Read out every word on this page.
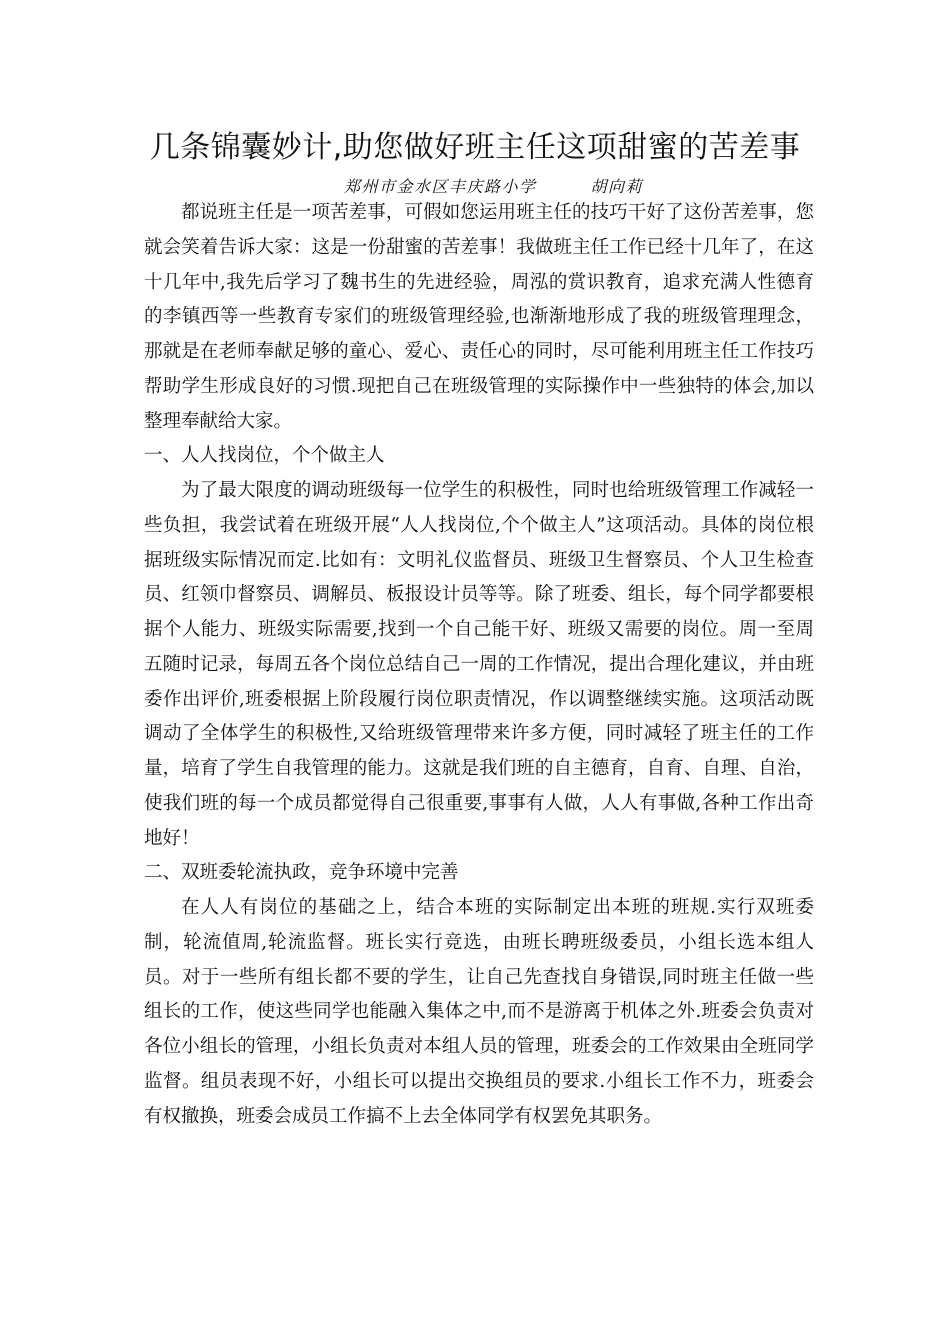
几条锦囊妙计,助您做好班主任这项甜蜜的苦差事
郑州市金水区丰庆路小学	胡向莉

都说班主任是一项苦差事，可假如您运用班主任的技巧干好了这份苦差事，您就会笑着告诉大家：这是一份甜蜜的苦差事！我做班主任工作已经十几年了，在这十几年中,我先后学习了魏书生的先进经验，周泓的赏识教育，追求充满人性德育的李镇西等一些教育专家们的班级管理经验,也渐渐地形成了我的班级管理理念，那就是在老师奉献足够的童心、爱心、责任心的同时，尽可能利用班主任工作技巧帮助学生形成良好的习惯.现把自己在班级管理的实际操作中一些独特的体会,加以整理奉献给大家。

一、人人找岗位，个个做主人

为了最大限度的调动班级每一位学生的积极性，同时也给班级管理工作减轻一些负担，我尝试着在班级开展“人人找岗位,个个做主人”这项活动。具体的岗位根据班级实际情况而定.比如有：文明礼仪监督员、班级卫生督察员、个人卫生检查员、红领巾督察员、调解员、板报设计员等等。除了班委、组长，每个同学都要根据个人能力、班级实际需要,找到一个自己能干好、班级又需要的岗位。周一至周五随时记录，每周五各个岗位总结自己一周的工作情况，提出合理化建议，并由班委作出评价,班委根据上阶段履行岗位职责情况，作以调整继续实施。这项活动既调动了全体学生的积极性,又给班级管理带来许多方便，同时减轻了班主任的工作量，培育了学生自我管理的能力。这就是我们班的自主德育，自育、自理、自治，使我们班的每一个成员都觉得自己很重要,事事有人做，人人有事做,各种工作出奇地好！

二、双班委轮流执政，竞争环境中完善

在人人有岗位的基础之上，结合本班的实际制定出本班的班规.实行双班委制，轮流值周,轮流监督。班长实行竞选，由班长聘班级委员，小组长选本组人员。对于一些所有组长都不要的学生，让自己先查找自身错误,同时班主任做一些组长的工作，使这些同学也能融入集体之中,而不是游离于机体之外.班委会负责对各位小组长的管理，小组长负责对本组人员的管理，班委会的工作效果由全班同学监督。组员表现不好，小组长可以提出交换组员的要求.小组长工作不力，班委会有权撤换，班委会成员工作搞不上去全体同学有权罢免其职务。
